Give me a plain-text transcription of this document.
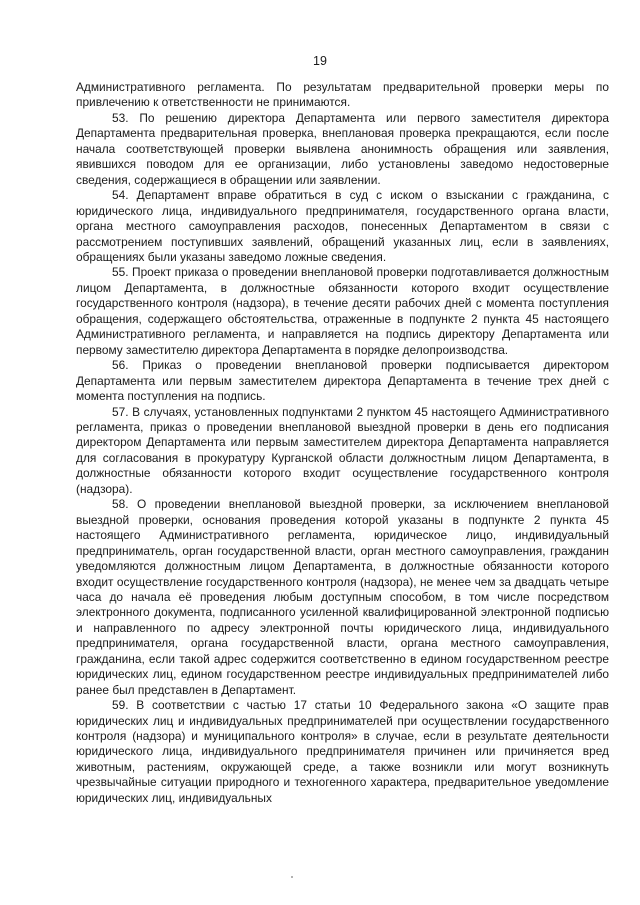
19

Административного регламента. По результатам предварительной проверки меры по привлечению к ответственности не принимаются.

53. По решению директора Департамента или первого заместителя директора Департамента предварительная проверка, внеплановая проверка прекращаются, если после начала соответствующей проверки выявлена анонимность обращения или заявления, явившихся поводом для ее организации, либо установлены заведомо недостоверные сведения, содержащиеся в обращении или заявлении.

54. Департамент вправе обратиться в суд с иском о взыскании с гражданина, с юридического лица, индивидуального предпринимателя, государственного органа власти, органа местного самоуправления расходов, понесенных Департаментом в связи с рассмотрением поступивших заявлений, обращений указанных лиц, если в заявлениях, обращениях были указаны заведомо ложные сведения.

55. Проект приказа о проведении внеплановой проверки подготавливается должностным лицом Департамента, в должностные обязанности которого входит осуществление государственного контроля (надзора), в течение десяти рабочих дней с момента поступления обращения, содержащего обстоятельства, отраженные в подпункте 2 пункта 45 настоящего Административного регламента, и направляется на подпись директору Департамента или первому заместителю директора Департамента в порядке делопроизводства.

56. Приказ о проведении внеплановой проверки подписывается директором Департамента или первым заместителем директора Департамента в течение трех дней с момента поступления на подпись.

57. В случаях, установленных подпунктами 2 пунктом 45 настоящего Административного регламента, приказ о проведении внеплановой выездной проверки в день его подписания директором Департамента или первым заместителем директора Департамента направляется для согласования в прокуратуру Курганской области должностным лицом Департамента, в должностные обязанности которого входит осуществление государственного контроля (надзора).

58. О проведении внеплановой выездной проверки, за исключением внеплановой выездной проверки, основания проведения которой указаны в подпункте 2 пункта 45 настоящего Административного регламента, юридическое лицо, индивидуальный предприниматель, орган государственной власти, орган местного самоуправления, гражданин уведомляются должностным лицом Департамента, в должностные обязанности которого входит осуществление государственного контроля (надзора), не менее чем за двадцать четыре часа до начала её проведения любым доступным способом, в том числе посредством электронного документа, подписанного усиленной квалифицированной электронной подписью и направленного по адресу электронной почты юридического лица, индивидуального предпринимателя, органа государственной власти, органа местного самоуправления, гражданина, если такой адрес содержится соответственно в едином государственном реестре юридических лиц, едином государственном реестре индивидуальных предпринимателей либо ранее был представлен в Департамент.

59. В соответствии с частью 17 статьи 10 Федерального закона «О защите прав юридических лиц и индивидуальных предпринимателей при осуществлении государственного контроля (надзора) и муниципального контроля» в случае, если в результате деятельности юридического лица, индивидуального предпринимателя причинен или причиняется вред животным, растениям, окружающей среде, а также возникли или могут возникнуть чрезвычайные ситуации природного и техногенного характера, предварительное уведомление юридических лиц, индивидуальных
